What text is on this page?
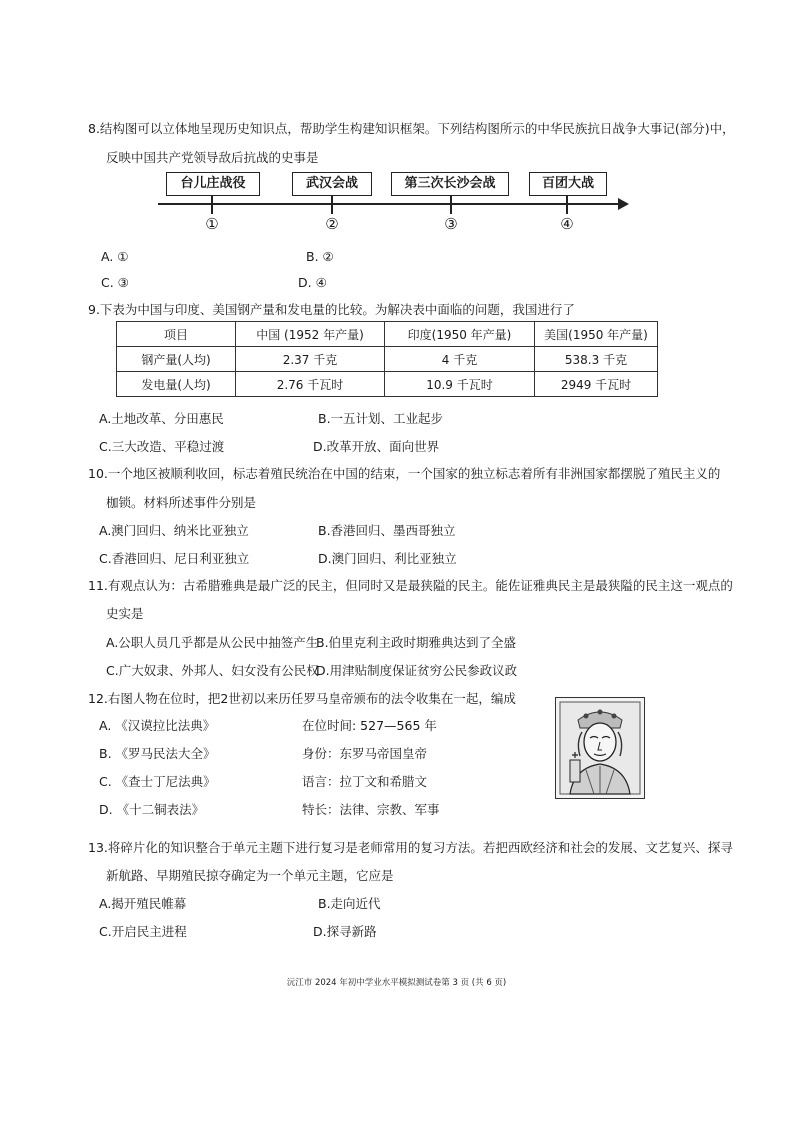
8.结构图可以立体地呈现历史知识点，帮助学生构建知识框架。下列结构图所示的中华民族抗日战争大事记(部分)中，
反映中国共产党领导敌后抗战的史事是
台儿庄战役	武汉会战	第三次长沙会战	百团大战
①	②	③	④
A. ①	B. ②
C. ③	D. ④
9.下表为中国与印度、美国钢产量和发电量的比较。为解决表中面临的问题，我国进行了
项目	中国 (1952 年产量)	印度(1950 年产量)	美国(1950 年产量)
钢产量(人均)	2.37 千克	4 千克	538.3 千克
发电量(人均)	2.76 千瓦时	10.9 千瓦时	2949 千瓦时
A.土地改革、分田惠民	B.一五计划、工业起步
C.三大改造、平稳过渡	D.改革开放、面向世界
10.一个地区被顺利收回，标志着殖民统治在中国的结束，一个国家的独立标志着所有非洲国家都摆脱了殖民主义的
枷锁。材料所述事件分别是
A.澳门回归、纳米比亚独立	B.香港回归、墨西哥独立
C.香港回归、尼日利亚独立	D.澳门回归、利比亚独立
11.有观点认为：古希腊雅典是最广泛的民主，但同时又是最狭隘的民主。能佐证雅典民主是最狭隘的民主这一观点的
史实是
A.公职人员几乎都是从公民中抽签产生
B.伯里克利主政时期雅典达到了全盛
C.广大奴隶、外邦人、妇女没有公民权
D.用津贴制度保证贫穷公民参政议政
12.右图人物在位时，把2世初以来历任罗马皇帝颁布的法令收集在一起，编成
A. 《汉谟拉比法典》
B. 《罗马民法大全》
C. 《查士丁尼法典》
D. 《十二铜表法》
在位时间: 527—565 年
身份：东罗马帝国皇帝
语言：拉丁文和希腊文
特长：法律、宗教、军事
13.将碎片化的知识整合于单元主题下进行复习是老师常用的复习方法。若把西欧经济和社会的发展、文艺复兴、探寻
新航路、早期殖民掠夺确定为一个单元主题，它应是
A.揭开殖民帷幕	B.走向近代
C.开启民主进程	D.探寻新路
沅江市 2024 年初中学业水平模拟测试卷第 3 页 (共 6 页)
